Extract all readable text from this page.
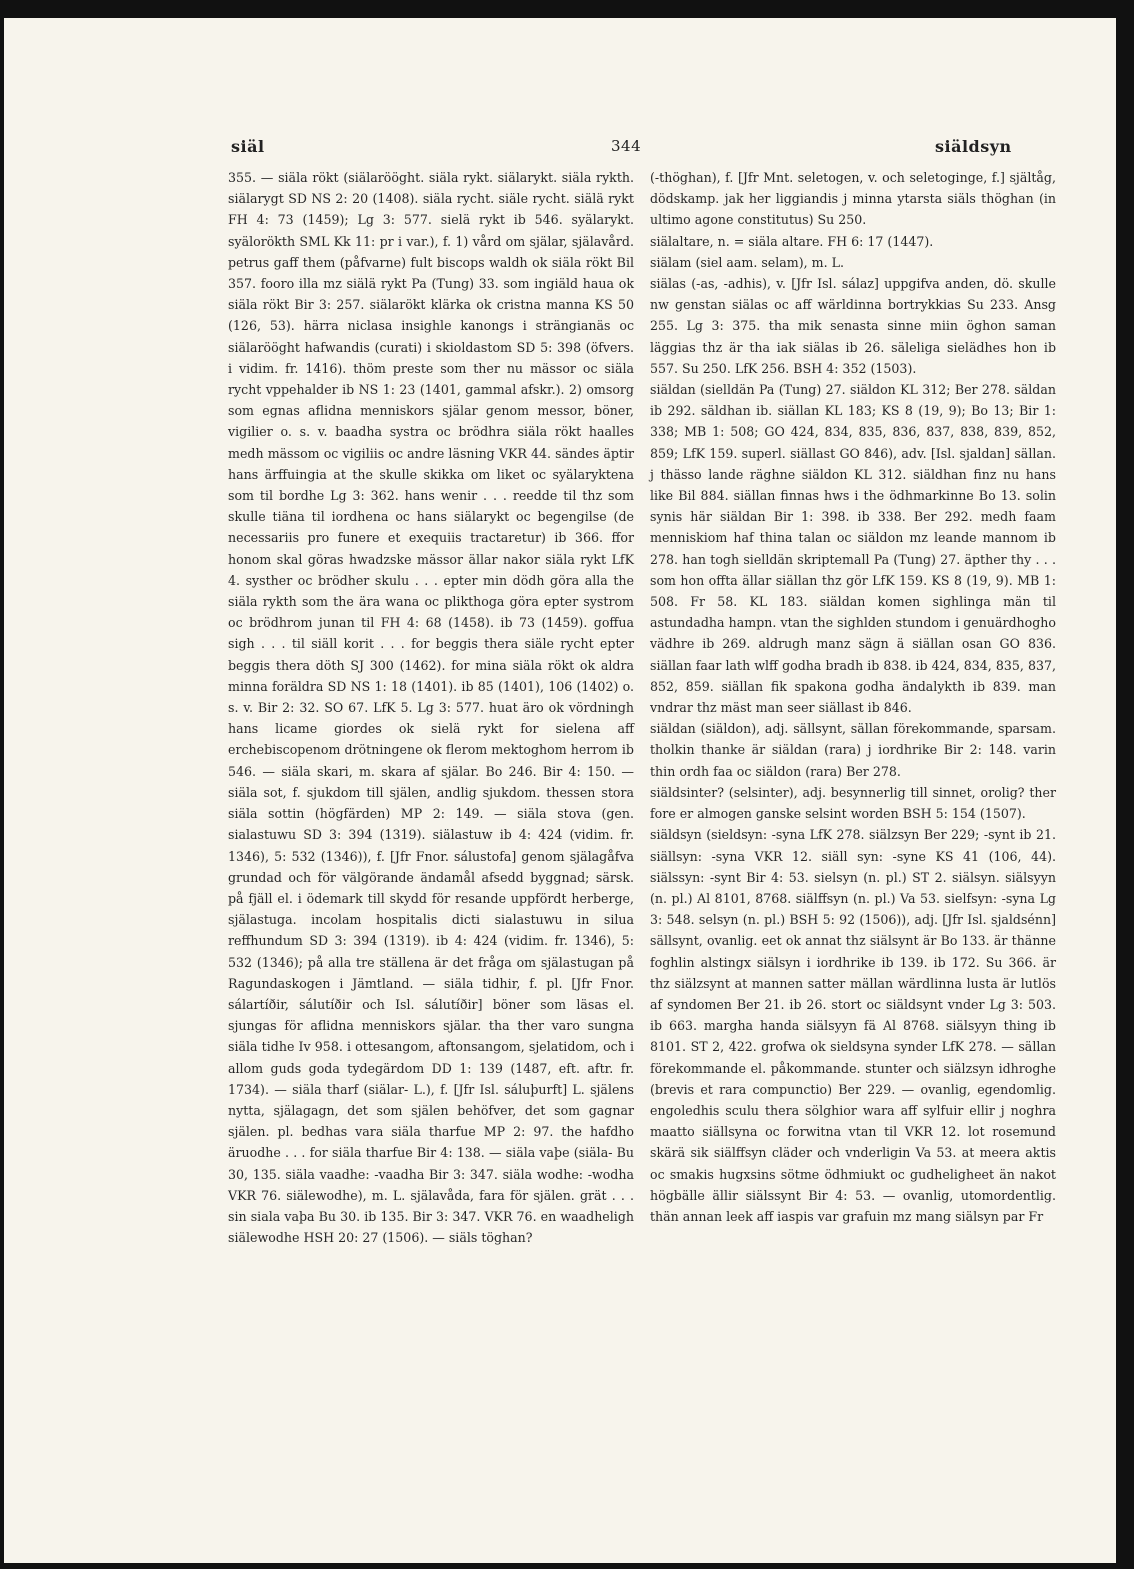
siäl	344	siäldsyn

355. — siäla rökt (siälarööght. siäla rykt. siälarykt. siäla rykth. siälarygt SD NS 2: 20 (1408). siäla rycht. siäle rycht. siälä rykt FH 4: 73 (1459); Lg 3: 577. sielä rykt ib 546. syälarykt. syälorökth SML Kk 11: pr i var.), f. 1) vård om själar, själavård. petrus gaff them (påfvarne) fult biscops waldh ok siäla rökt Bil 357. fooro illa mz siälä rykt Pa (Tung) 33. som ingiäld haua ok siäla rökt Bir 3: 257. siälarökt klärka ok cristna manna KS 50 (126, 53). härra niclasa insighle kanongs i strängianäs oc siälarööght hafwandis (curati) i skioldastom SD 5: 398 (öfvers. i vidim. fr. 1416). thöm preste som ther nu mässor oc siäla rycht vppehalder ib NS 1: 23 (1401, gammal afskr.). 2) omsorg som egnas aflidna menniskors själar genom messor, böner, vigilier o. s. v. baadha systra oc brödhra siäla rökt haalles medh mässom oc vigiliis oc andre läsning VKR 44. sändes äptir hans ärffuingia at the skulle skikka om liket oc syälaryktena som til bordhe Lg 3: 362. hans wenir . . . reedde til thz som skulle tiäna til iordhena oc hans siälarykt oc begengilse (de necessariis pro funere et exequiis tractaretur) ib 366. ffor honom skal göras hwadzske mässor ällar nakor siäla rykt LfK 4. systher oc brödher skulu . . . epter min dödh göra alla the siäla rykth som the ära wana oc plikthoga göra epter systrom oc brödhrom junan til FH 4: 68 (1458). ib 73 (1459). goffua sigh . . . til siäll korit . . . for beggis thera siäle rycht epter beggis thera döth SJ 300 (1462). for mina siäla rökt ok aldra minna foräldra SD NS 1: 18 (1401). ib 85 (1401), 106 (1402) o. s. v. Bir 2: 32. SO 67. LfK 5. Lg 3: 577. huat äro ok vördningh hans licame giordes ok sielä rykt for sielena aff erchebiscopenom drötningene ok flerom mektoghom herrom ib 546. — siäla skari, m. skara af själar. Bo 246. Bir 4: 150. — siäla sot, f. sjukdom till själen, andlig sjukdom. thessen stora siäla sottin (högfärden) MP 2: 149. — siäla stova (gen. sialastuwu SD 3: 394 (1319). siälastuw ib 4: 424 (vidim. fr. 1346), 5: 532 (1346)), f. [Jfr Fnor. sálustofa] genom själagåfva grundad och för välgörande ändamål afsedd byggnad; särsk. på fjäll el. i ödemark till skydd för resande uppfördt herberge, själastuga. incolam hospitalis dicti sialastuwu in silua reffhundum SD 3: 394 (1319). ib 4: 424 (vidim. fr. 1346), 5: 532 (1346); på alla tre ställena är det fråga om själastugan på Ragundaskogen i Jämtland. — siäla tidhir, f. pl. [Jfr Fnor. sálartíðir, sálutíðir och Isl. sálutíðir] böner som läsas el. sjungas för aflidna menniskors själar. tha ther varo sungna siäla tidhe Iv 958. i ottesangom, aftonsangom, sjelatidom, och i allom guds goda tydegärdom DD 1: 139 (1487, eft. aftr. fr. 1734). — siäla tharf (siälar- L.), f. [Jfr Isl. sáluþurft] L. själens nytta, själagagn, det som själen behöfver, det som gagnar själen. pl. bedhas vara siäla tharfue MP 2: 97. the hafdho äruodhe . . . for siäla tharfue Bir 4: 138. — siäla vaþe (siäla- Bu 30, 135. siäla vaadhe: -vaadha Bir 3: 347. siäla wodhe: -wodha VKR 76. siälewodhe), m. L. själavåda, fara för själen. grät . . . sin siala vaþa Bu 30. ib 135. Bir 3: 347. VKR 76. en waadheligh siälewodhe HSH 20: 27 (1506). — siäls töghan?

(-thöghan), f. [Jfr Mnt. seletogen, v. och seletoginge, f.] själtåg, dödskamp. jak her liggiandis j minna ytarsta siäls thöghan (in ultimo agone constitutus) Su 250.

siälaltare, n. = siäla altare. FH 6: 17 (1447).

siälam (siel aam. selam), m. L.

siälas (-as, -adhis), v. [Jfr Isl. sálaz] uppgifva anden, dö. skulle nw genstan siälas oc aff wärldinna bortrykkias Su 233. Ansg 255. Lg 3: 375. tha mik senasta sinne miin öghon saman läggias thz är tha iak siälas ib 26. säleliga sielädhes hon ib 557. Su 250. LfK 256. BSH 4: 352 (1503).

siäldan (sielldän Pa (Tung) 27. siäldon KL 312; Ber 278. säldan ib 292. säldhan ib. siällan KL 183; KS 8 (19, 9); Bo 13; Bir 1: 338; MB 1: 508; GO 424, 834, 835, 836, 837, 838, 839, 852, 859; LfK 159. superl. siällast GO 846), adv. [Isl. sjaldan] sällan. j thässo lande räghne siäldon KL 312. siäldhan finz nu hans like Bil 884. siällan finnas hws i the ödhmarkinne Bo 13. solin synis här siäldan Bir 1: 398. ib 338. Ber 292. medh faam menniskiom haf thina talan oc siäldon mz leande mannom ib 278. han togh sielldän skriptemall Pa (Tung) 27. äpther thy . . . som hon offta ällar siällan thz gör LfK 159. KS 8 (19, 9). MB 1: 508. Fr 58. KL 183. siäldan komen sighlinga män til astundadha hampn. vtan the sighlden stundom i genuärdhogho vädhre ib 269. aldrugh manz sägn ä siällan osan GO 836. siällan faar lath wlff godha bradh ib 838. ib 424, 834, 835, 837, 852, 859. siällan fik spakona godha ändalykth ib 839. man vndrar thz mäst man seer siällast ib 846.

siäldan (siäldon), adj. sällsynt, sällan förekommande, sparsam. tholkin thanke är siäldan (rara) j iordhrike Bir 2: 148. varin thin ordh faa oc siäldon (rara) Ber 278.

siäldsinter? (selsinter), adj. besynnerlig till sinnet, orolig? ther fore er almogen ganske selsint worden BSH 5: 154 (1507).

siäldsyn (sieldsyn: -syna LfK 278. siälzsyn Ber 229; -synt ib 21. siällsyn: -syna VKR 12. siäll syn: -syne KS 41 (106, 44). siälssyn: -synt Bir 4: 53. sielsyn (n. pl.) ST 2. siälsyn. siälsyyn (n. pl.) Al 8101, 8768. siälffsyn (n. pl.) Va 53. sielfsyn: -syna Lg 3: 548. selsyn (n. pl.) BSH 5: 92 (1506)), adj. [Jfr Isl. sjaldsénn] sällsynt, ovanlig. eet ok annat thz siälsynt är Bo 133. är thänne foghlin alstingx siälsyn i iordhrike ib 139. ib 172. Su 366. är thz siälzsynt at mannen satter mällan wärdlinna lusta är lutlös af syndomen Ber 21. ib 26. stort oc siäldsynt vnder Lg 3: 503. ib 663. margha handa siälsyyn fä Al 8768. siälsyyn thing ib 8101. ST 2, 422. grofwa ok sieldsyna synder LfK 278. — sällan förekommande el. påkommande. stunter och siälzsyn idhroghe (brevis et rara compunctio) Ber 229. — ovanlig, egendomlig. engoledhis sculu thera sölghior wara aff sylfuir ellir j noghra maatto siällsyna oc forwitna vtan til VKR 12. lot rosemund skärä sik siälffsyn cläder och vnderligin Va 53. at meera aktis oc smakis hugxsins sötme ödhmiukt oc gudheligheet än nakot högbälle ällir siälssynt Bir 4: 53. — ovanlig, utomordentlig. thän annan leek aff iaspis var grafuin mz mang siälsyn par Fr
